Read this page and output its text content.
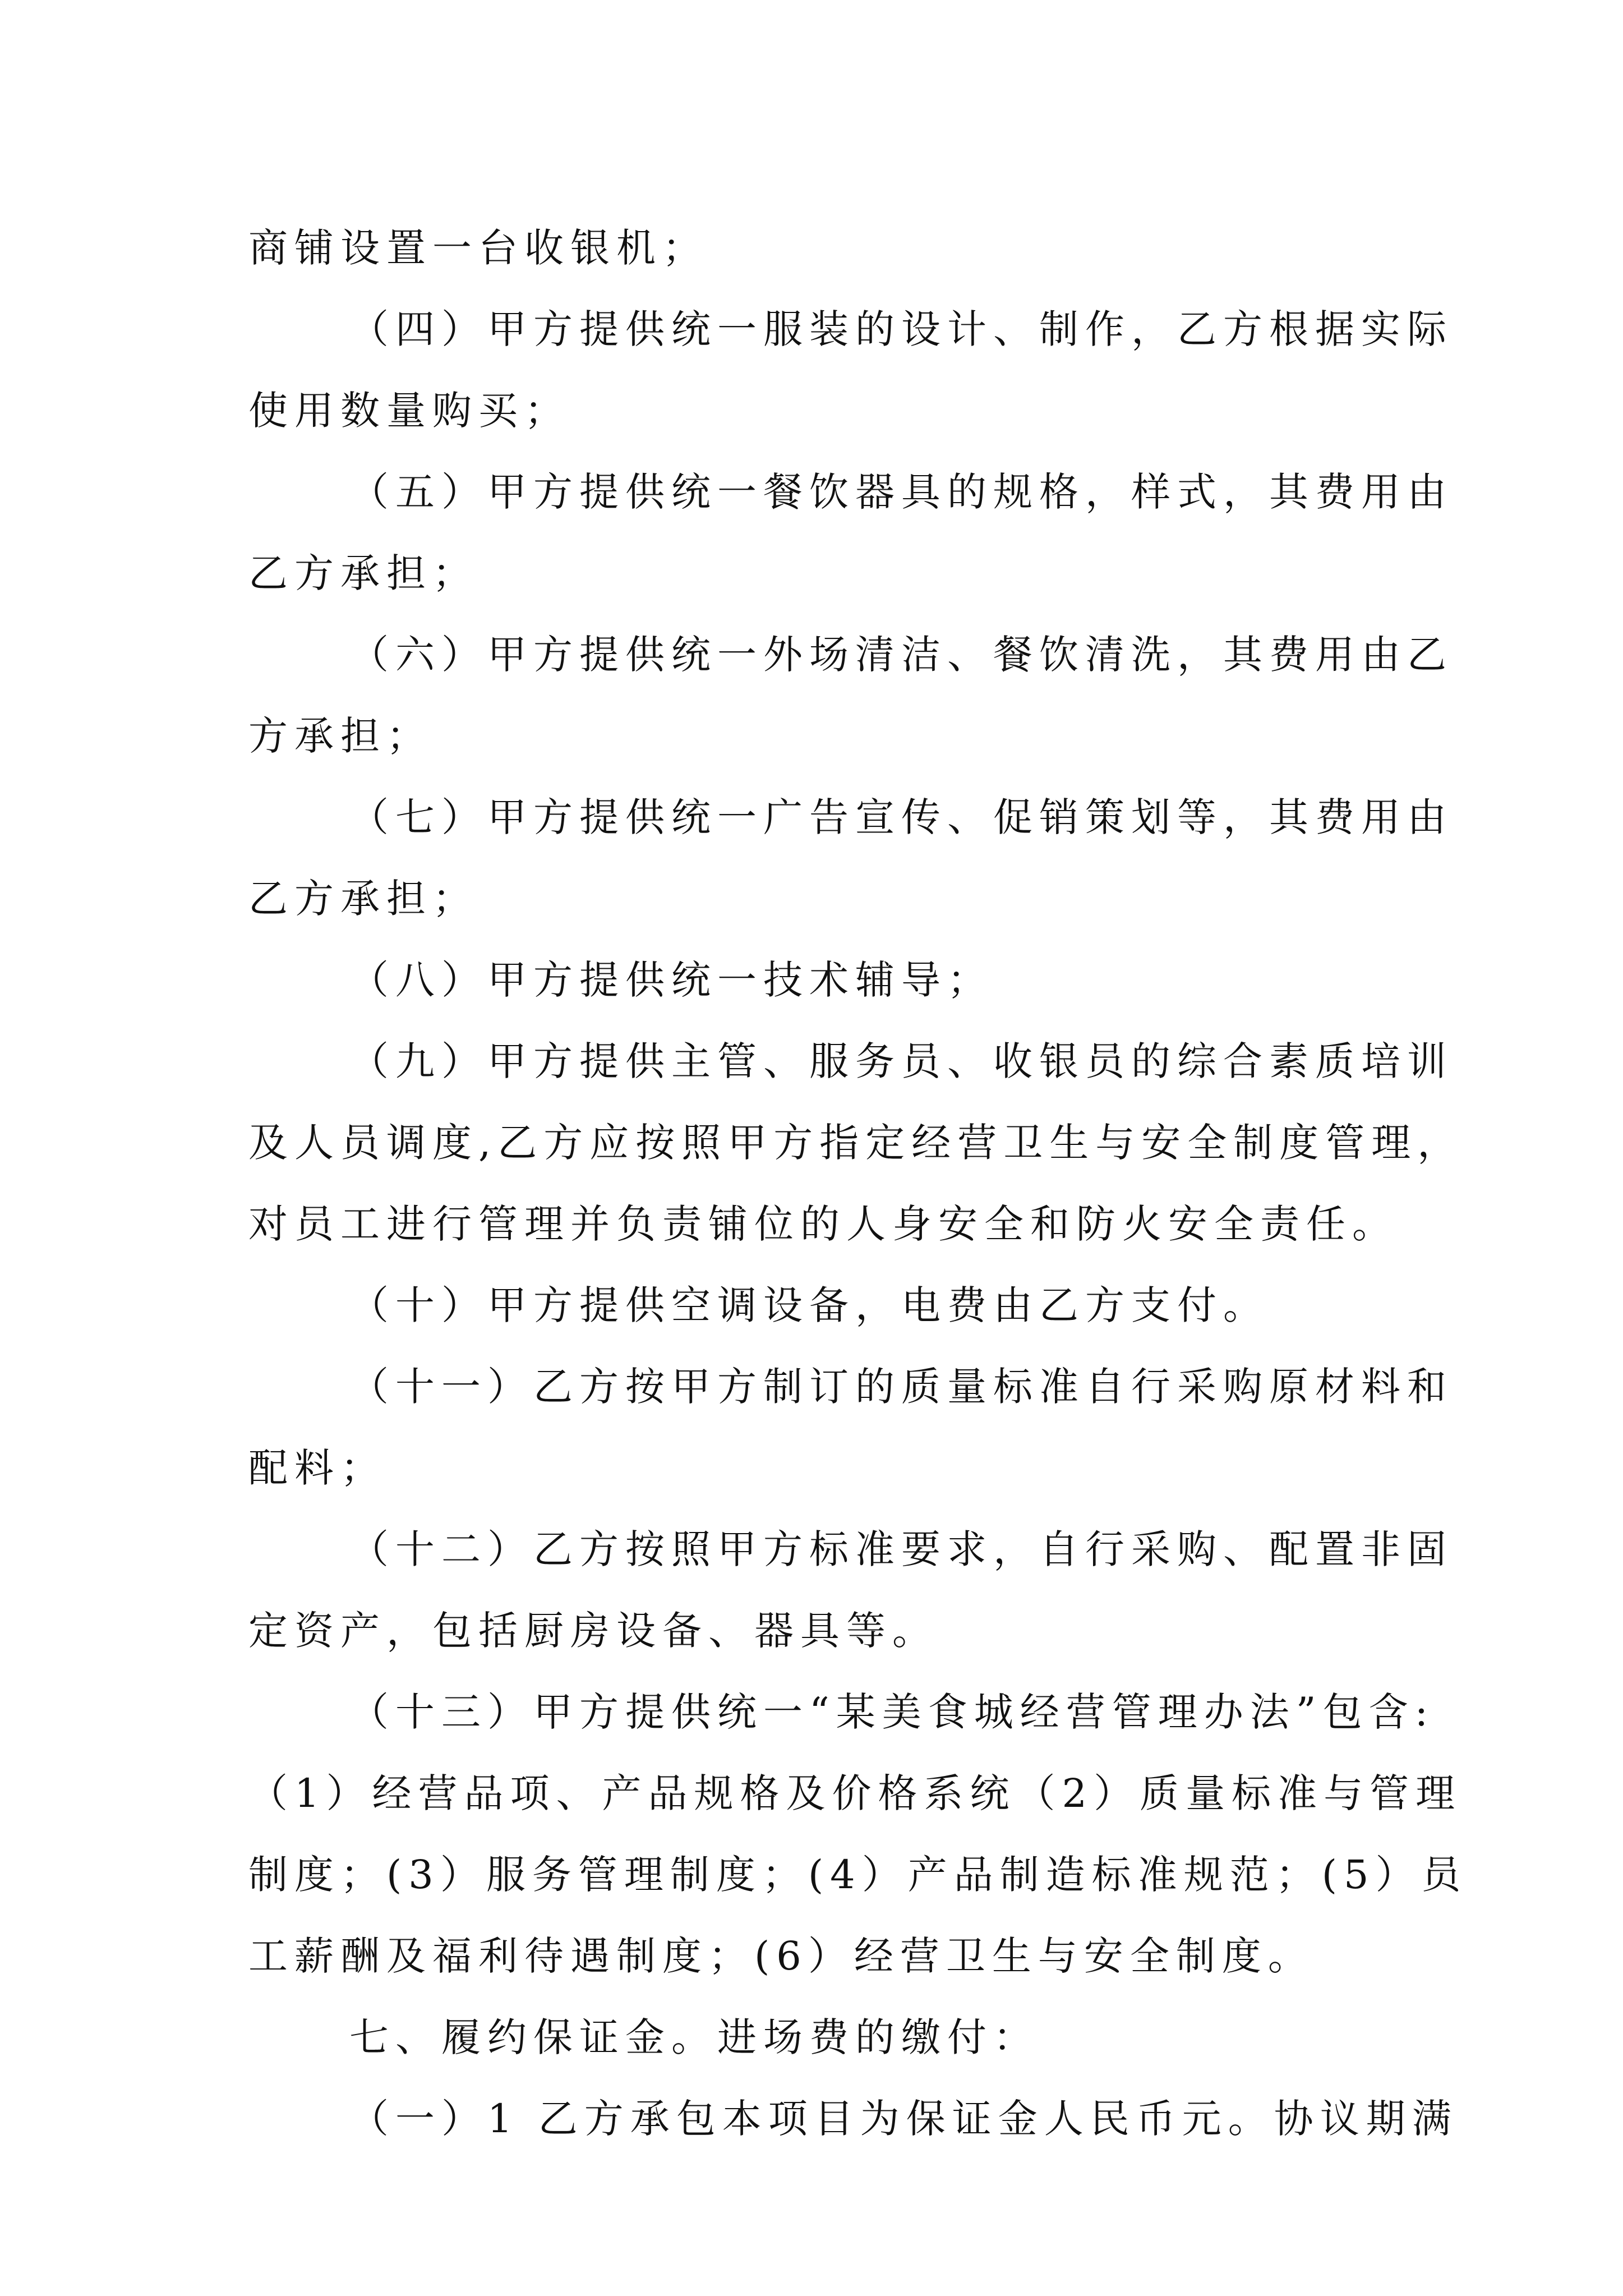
商铺设置一台收银机；
（四）甲方提供统一服装的设计、制作，乙方根据实际
使用数量购买；
（五）甲方提供统一餐饮器具的规格，样式，其费用由
乙方承担；
（六）甲方提供统一外场清洁、餐饮清洗，其费用由乙
方承担；
（七）甲方提供统一广告宣传、促销策划等，其费用由
乙方承担；
（八）甲方提供统一技术辅导；
（九）甲方提供主管、服务员、收银员的综合素质培训
及人员调度,乙方应按照甲方指定经营卫生与安全制度管理，
对员工进行管理并负责铺位的人身安全和防火安全责任。
（十）甲方提供空调设备，电费由乙方支付。
（十一）乙方按甲方制订的质量标准自行采购原材料和
配料；
（十二）乙方按照甲方标准要求，自行采购、配置非固
定资产，包括厨房设备、器具等。
（十三）甲方提供统一“某美食城经营管理办法”包含:
（1）经营品项、产品规格及价格系统（2）质量标准与管理
制度；(3）服务管理制度；(4）产品制造标准规范；(5）员
工薪酬及福利待遇制度；(6）经营卫生与安全制度。
七、履约保证金。进场费的缴付：
（一）1 乙方承包本项目为保证金人民币元。协议期满
